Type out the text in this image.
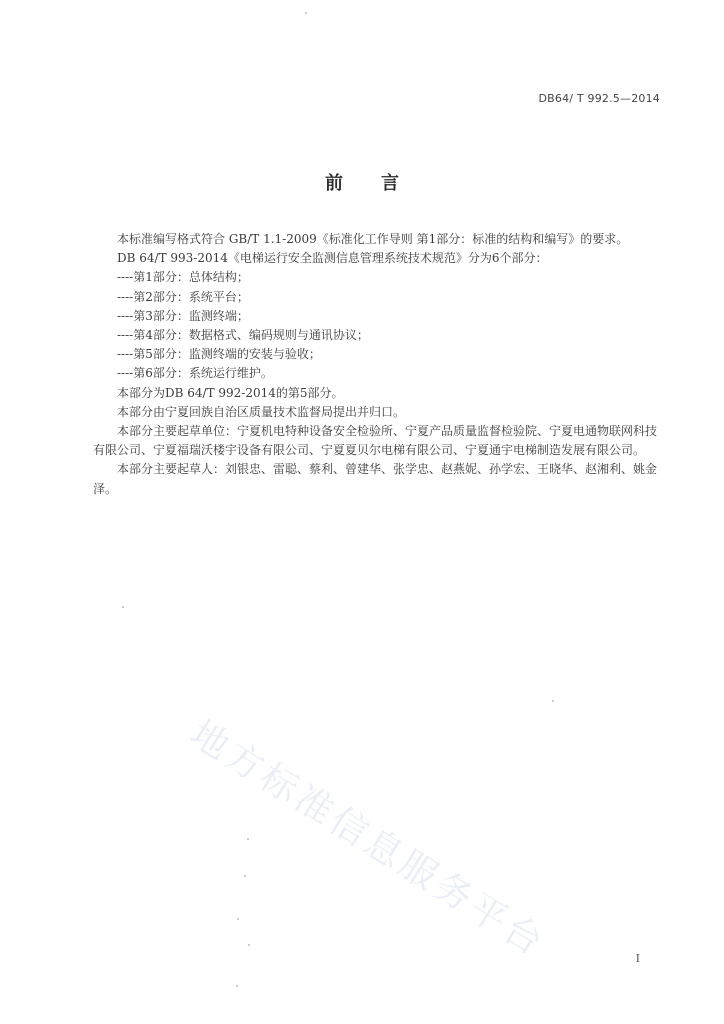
DB64/ T 992.5—2014
前言

本标准编写格式符合 GB/T 1.1-2009《标准化工作导则 第1部分：标准的结构和编写》的要求。

DB 64/T 993-2014《电梯运行安全监测信息管理系统技术规范》分为6个部分：

----第1部分：总体结构；

----第2部分：系统平台；

----第3部分：监测终端；

----第4部分：数据格式、编码规则与通讯协议；

----第5部分：监测终端的安装与验收；

----第6部分：系统运行维护。

本部分为DB 64/T 992-2014的第5部分。

本部分由宁夏回族自治区质量技术监督局提出并归口。

本部分主要起草单位：宁夏机电特种设备安全检验所、宁夏产品质量监督检验院、宁夏电通物联网科技有限公司、宁夏福瑞沃楼宇设备有限公司、宁夏夏贝尔电梯有限公司、宁夏通宇电梯制造发展有限公司。

本部分主要起草人：刘银忠、雷聪、蔡利、曾建华、张学忠、赵燕妮、孙学宏、王晓华、赵湘利、姚金泽。

地方标准信息服务平台	I
